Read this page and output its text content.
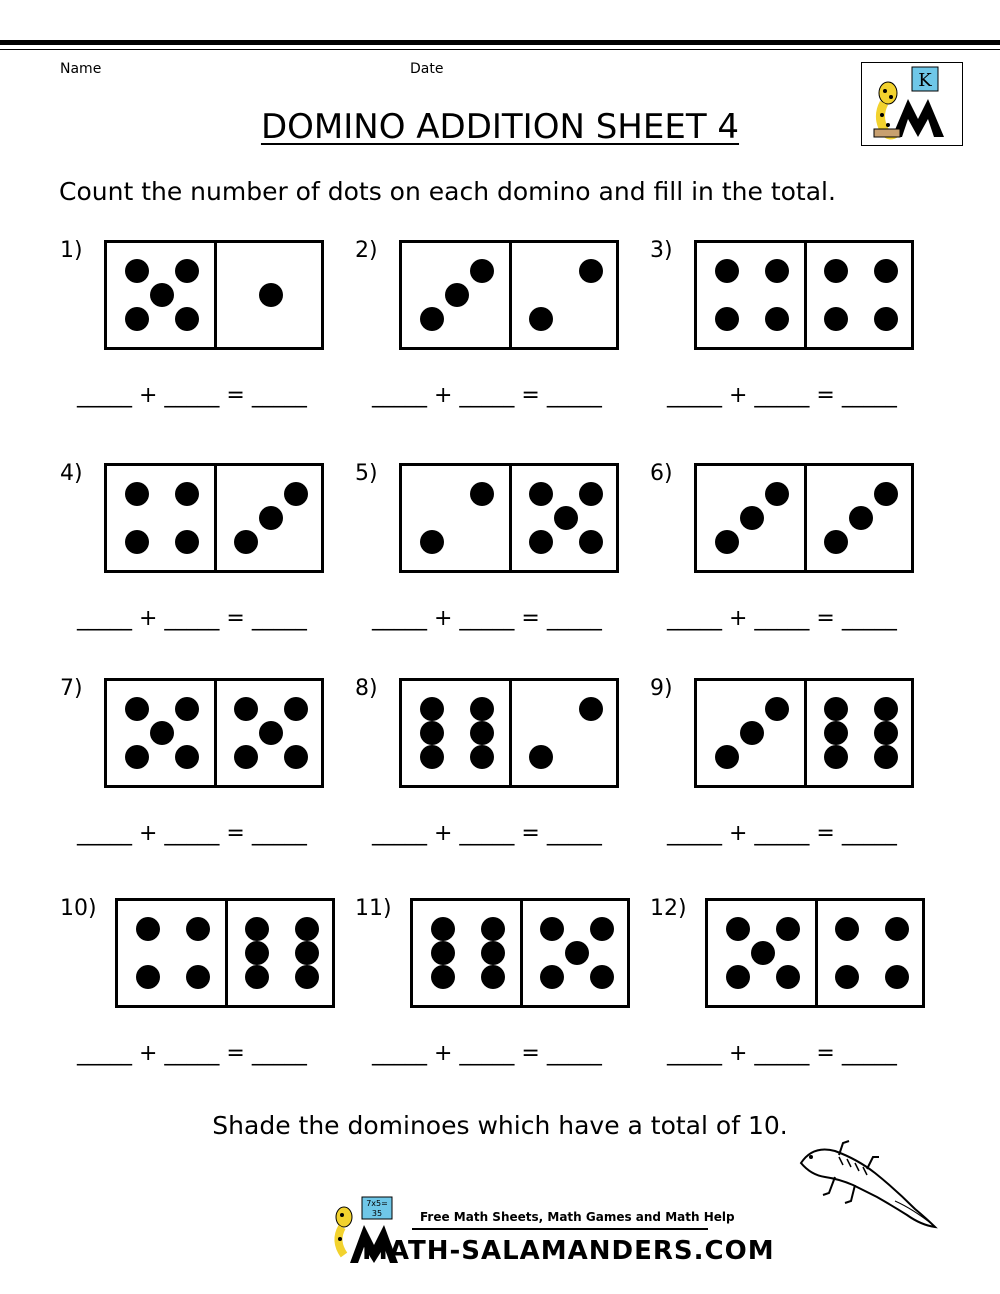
Name	Date
K
DOMINO ADDITION SHEET 4
Count the number of dots on each domino and fill in the total.
1)
_____ + _____ = _____
2)
_____ + _____ = _____
3)
_____ + _____ = _____
4)
_____ + _____ = _____
5)
_____ + _____ = _____
6)
_____ + _____ = _____
7)
_____ + _____ = _____
8)
_____ + _____ = _____
9)
_____ + _____ = _____
10)
_____ + _____ = _____
11)
_____ + _____ = _____
12)
_____ + _____ = _____
Shade the dominoes which have a total of 10.
7x5=
35	Free Math Sheets, Math Games and Math Help
MATH-SALAMANDERS.COM
